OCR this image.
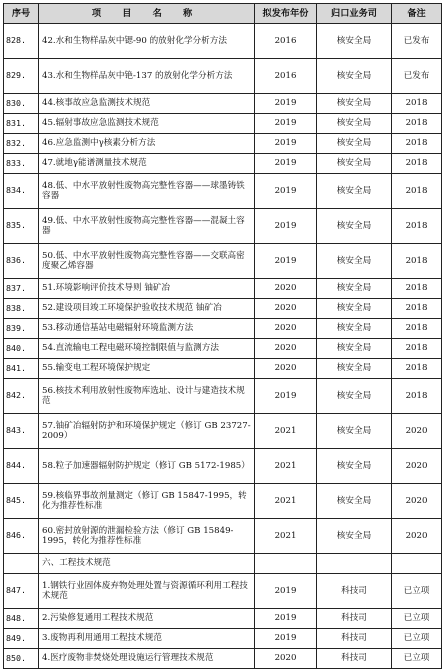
序号	项 目 名 称	拟发布年份	归口业务司	备注
828.	42.水和生物样品灰中锶-90 的放射化学分析方法	2016	核安全局	已发布
829.	43.水和生物样品灰中铯-137 的放射化学分析方法	2016	核安全局	已发布
830.	44.核事故应急监测技术规范	2019	核安全局	2018
831.	45.辐射事故应急监测技术规范	2019	核安全局	2018
832.	46.应急监测中γ核素分析方法	2019	核安全局	2018
833.	47.就地γ能谱测量技术规范	2019	核安全局	2018
834.	48.低、中水平放射性废物高完整性容器——球墨铸铁容器	2019	核安全局	2018
835.	49.低、中水平放射性废物高完整性容器——混凝土容器	2019	核安全局	2018
836.	50.低、中水平放射性废物高完整性容器——交联高密度聚乙烯容器	2019	核安全局	2018
837.	51.环境影响评价技术导则 铀矿冶	2020	核安全局	2018
838.	52.建设项目竣工环境保护验收技术规范 铀矿冶	2020	核安全局	2018
839.	53.移动通信基站电磁辐射环境监测方法	2020	核安全局	2018
840.	54.直流输电工程电磁环境控制限值与监测方法	2020	核安全局	2018
841.	55.输变电工程环境保护规定	2020	核安全局	2018
842.	56.核技术利用放射性废物库选址、设计与建造技术规范	2019	核安全局	2018
843.	57.铀矿冶辐射防护和环境保护规定（修订 GB 23727-2009）	2021	核安全局	2020
844.	58.粒子加速器辐射防护规定（修订 GB 5172-1985）	2021	核安全局	2020
845.	59.核临界事故剂量测定（修订 GB 15847-1995，转化为推荐性标准	2021	核安全局	2020
846.	60.密封放射源的泄漏检验方法（修订 GB 15849-1995，转化为推荐性标准	2021	核安全局	2020
	六、工程技术规范			
847.	1.钢铁行业固体废弃物处理处置与资源循环利用工程技术规范	2019	科技司	已立项
848.	2.污染修复通用工程技术规范	2019	科技司	已立项
849.	3.废物再利用通用工程技术规范	2019	科技司	已立项
850.	4.医疗废物非焚烧处理设施运行管理技术规范	2020	科技司	已立项
